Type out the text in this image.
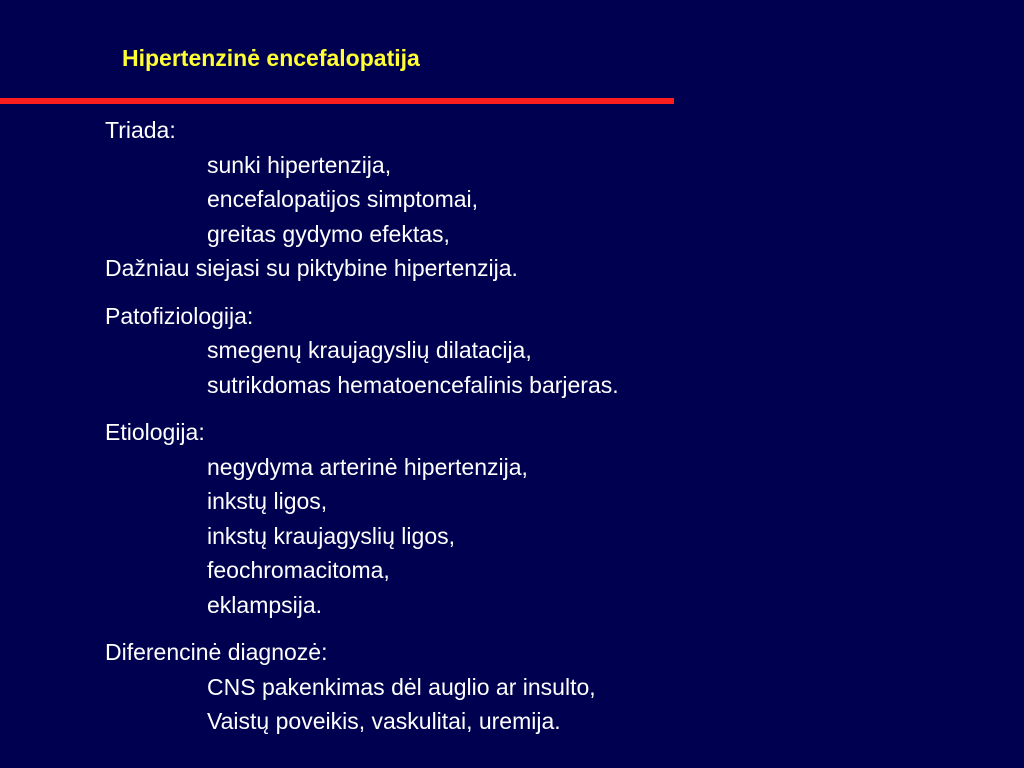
Hipertenzinė encefalopatija
Triada:
sunki hipertenzija,
encefalopatijos simptomai,
greitas gydymo efektas,
Dažniau siejasi su piktybine hipertenzija.
Patofiziologija:
smegenų kraujagyslių dilatacija,
sutrikdomas hematoencefalinis barjeras.
Etiologija:
negydyma arterinė hipertenzija,
inkstų ligos,
inkstų kraujagyslių ligos,
feochromacitoma,
eklampsija.
Diferencinė diagnozė:
CNS pakenkimas dėl auglio ar insulto,
Vaistų poveikis, vaskulitai, uremija.
